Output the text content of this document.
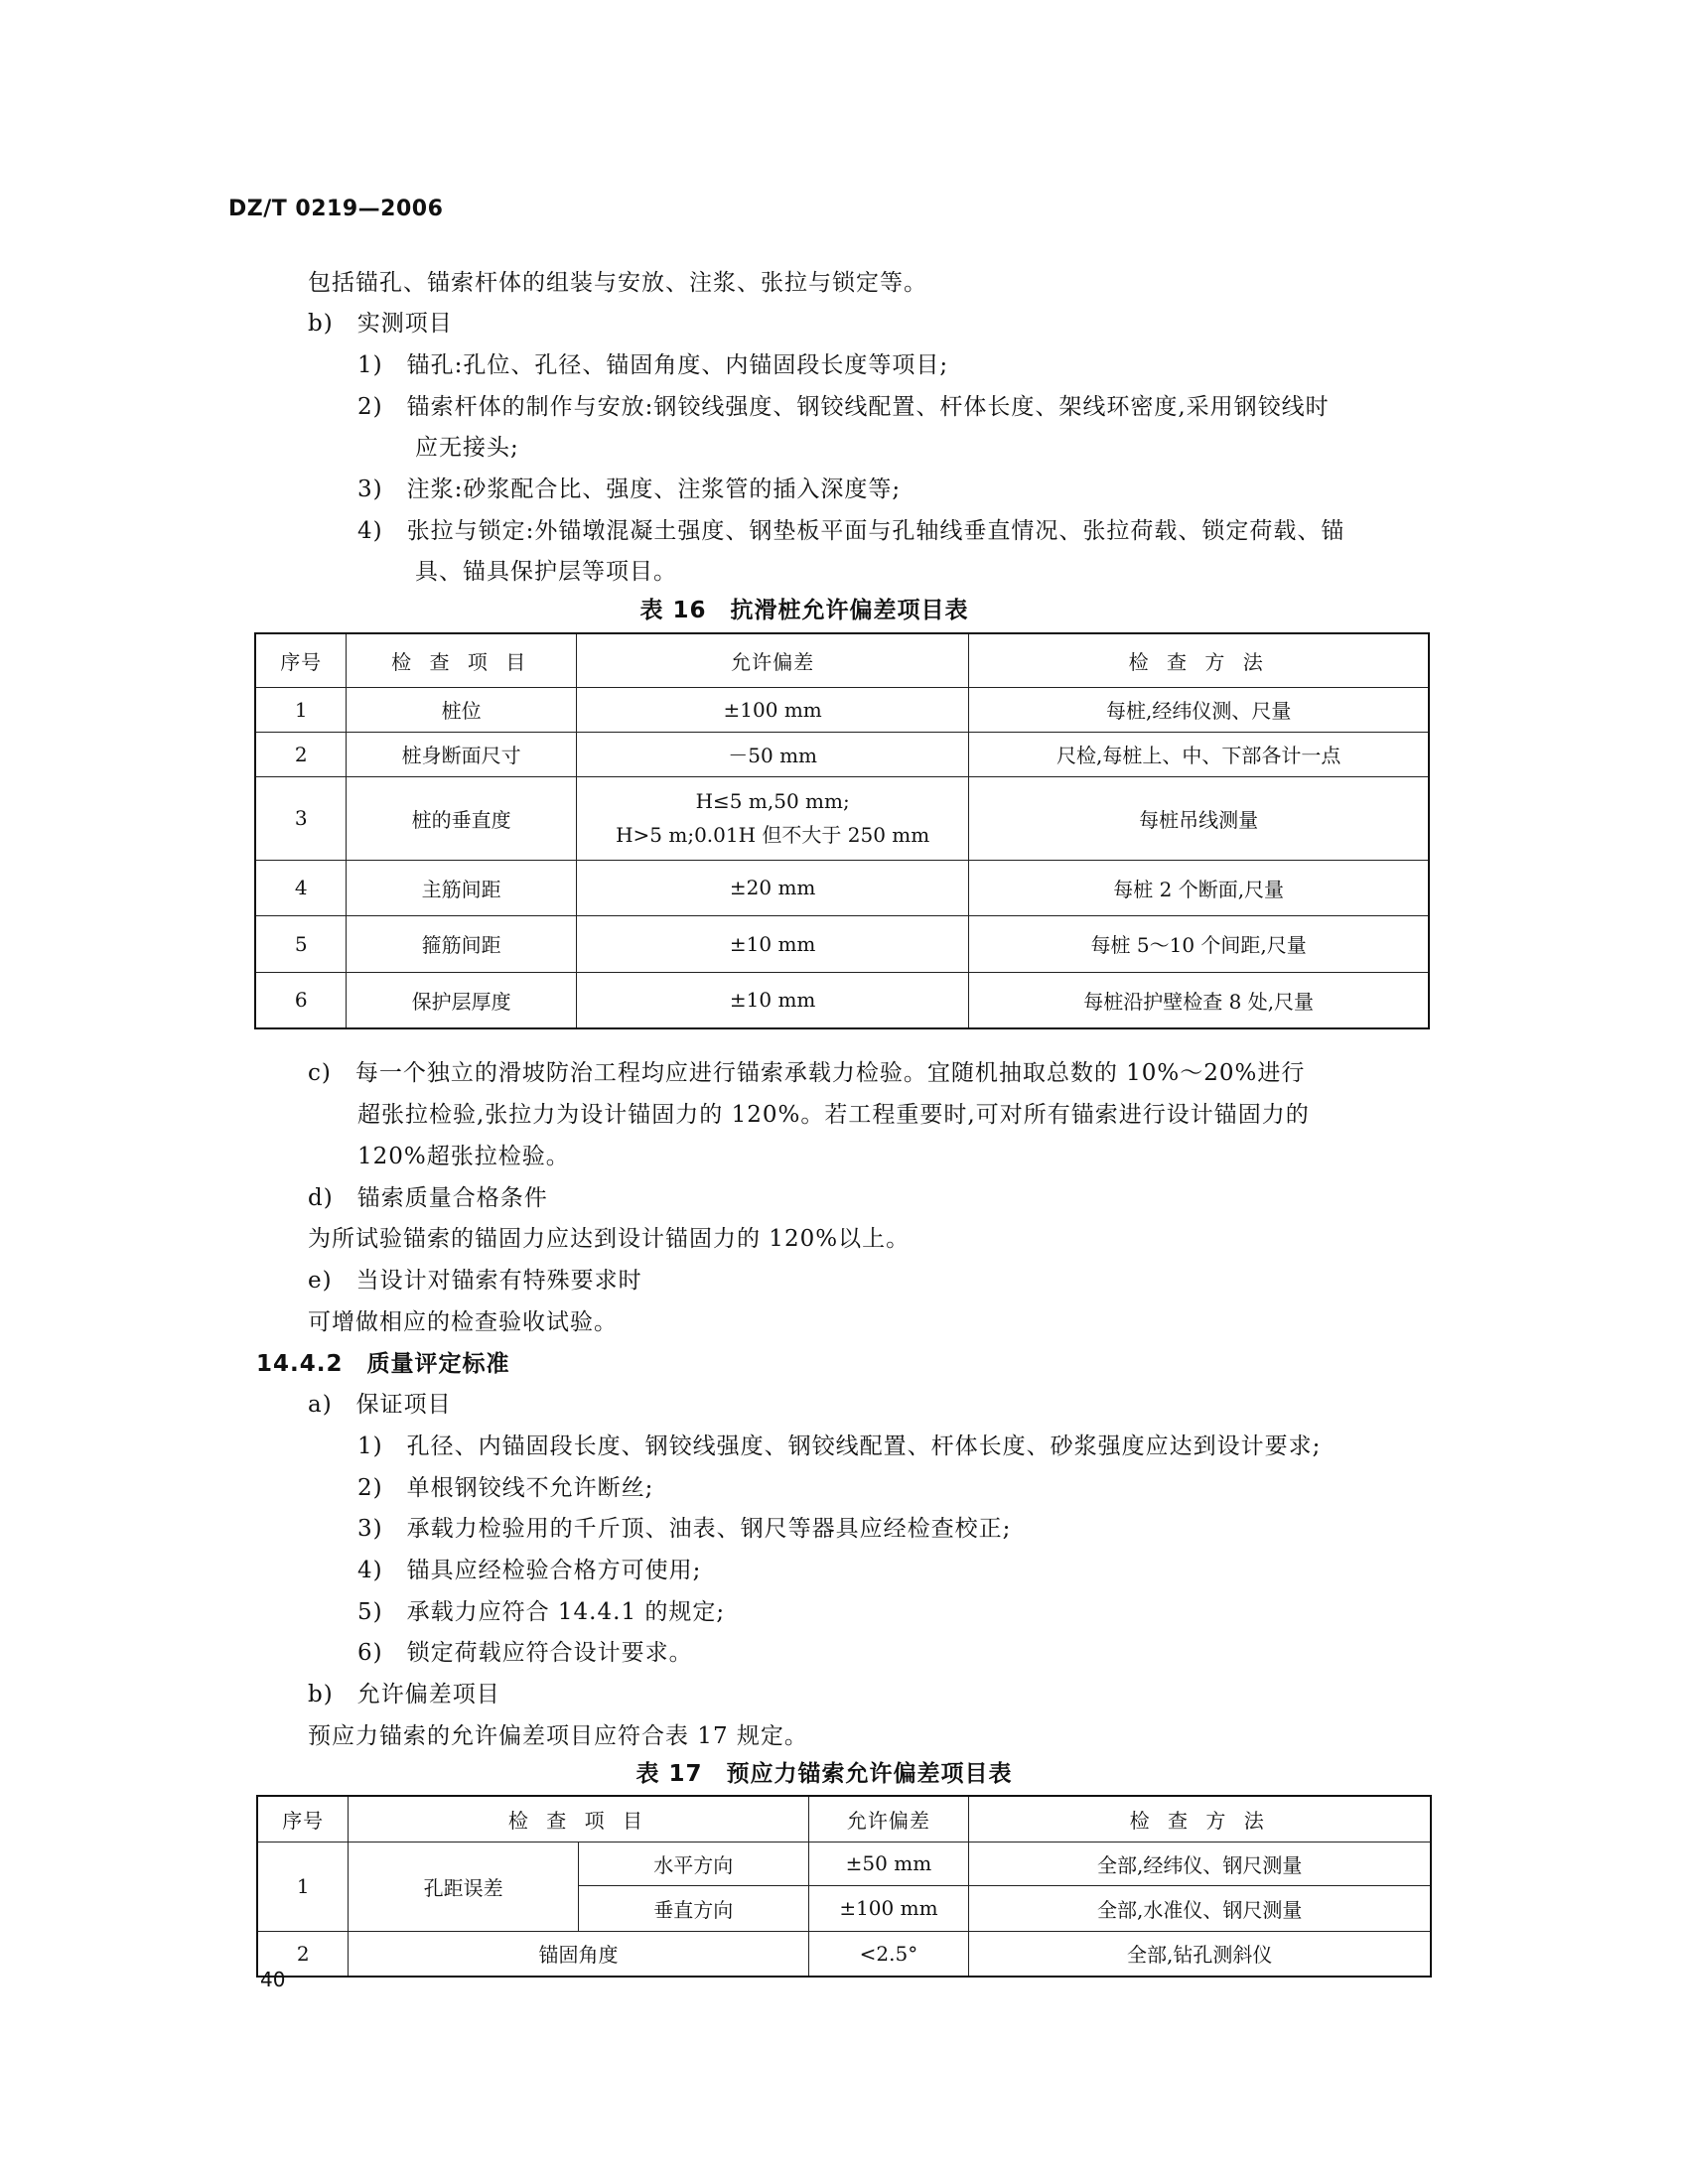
DZ/T 0219—2006
包括锚孔、锚索杆体的组装与安放、注浆、张拉与锁定等。
b)　实测项目
1)　锚孔:孔位、孔径、锚固角度、内锚固段长度等项目;
2)　锚索杆体的制作与安放:钢铰线强度、钢铰线配置、杆体长度、架线环密度,采用钢铰线时
应无接头;
3)　注浆:砂浆配合比、强度、注浆管的插入深度等;
4)　张拉与锁定:外锚墩混凝土强度、钢垫板平面与孔轴线垂直情况、张拉荷载、锁定荷载、锚
具、锚具保护层等项目。
表 16　抗滑桩允许偏差项目表
序号	检 查 项 目	允许偏差	检 查 方 法
1	桩位	±100 mm	每桩,经纬仪测、尺量
2	桩身断面尺寸	－50 mm	尺检,每桩上、中、下部各计一点
3	桩的垂直度	H≤5 m,50 mm;
H>5 m;0.01H 但不大于 250 mm	每桩吊线测量
4	主筋间距	±20 mm	每桩 2 个断面,尺量
5	箍筋间距	±10 mm	每桩 5～10 个间距,尺量
6	保护层厚度	±10 mm	每桩沿护壁检查 8 处,尺量
c)　每一个独立的滑坡防治工程均应进行锚索承载力检验。宜随机抽取总数的 10%～20%进行
超张拉检验,张拉力为设计锚固力的 120%。若工程重要时,可对所有锚索进行设计锚固力的
120%超张拉检验。
d)　锚索质量合格条件
为所试验锚索的锚固力应达到设计锚固力的 120%以上。
e)　当设计对锚索有特殊要求时
可增做相应的检查验收试验。
14.4.2　 质量评定标准
a)　保证项目
1)　孔径、内锚固段长度、钢铰线强度、钢铰线配置、杆体长度、砂浆强度应达到设计要求;
2)　单根钢铰线不允许断丝;
3)　承载力检验用的千斤顶、油表、钢尺等器具应经检查校正;
4)　锚具应经检验合格方可使用;
5)　承载力应符合 14.4.1 的规定;
6)　锁定荷载应符合设计要求。
b)　允许偏差项目
预应力锚索的允许偏差项目应符合表 17 规定。
表 17　预应力锚索允许偏差项目表
序号	检 查 项 目		允许偏差	检 查 方 法
1	孔距误差	水平方向	±50 mm	全部,经纬仪、钢尺测量
		垂直方向	±100 mm	全部,水准仪、钢尺测量
2	锚固角度		<2.5°	全部,钻孔测斜仪
40
